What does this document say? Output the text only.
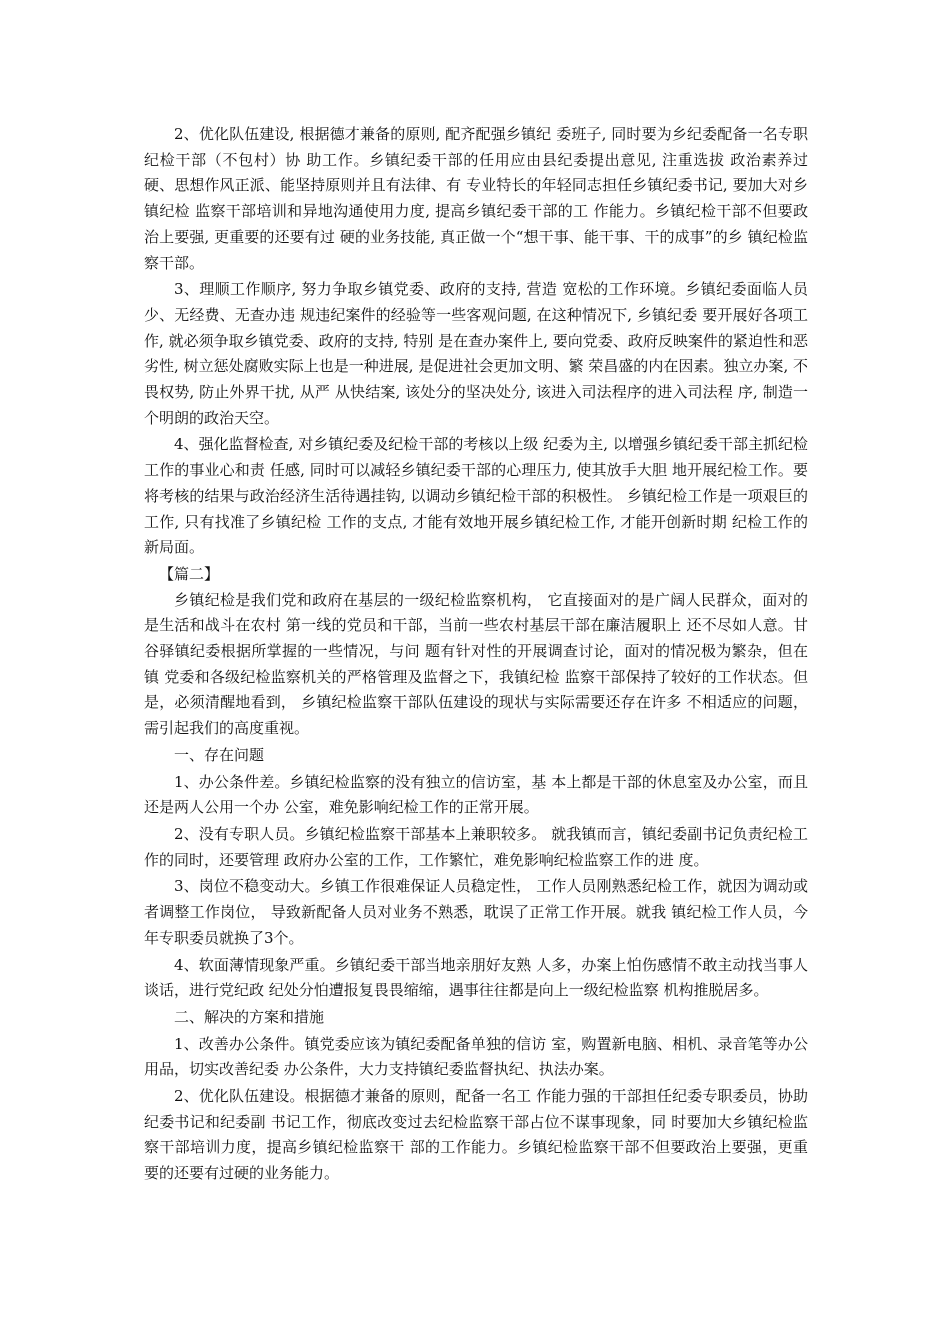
2、优化队伍建设, 根据德才兼备的原则, 配齐配强乡镇纪 委班子, 同时要为乡纪委配备一名专职纪检干部（不包村）协 助工作。乡镇纪委干部的任用应由县纪委提出意见, 注重选拔 政治素养过硬、思想作风正派、能坚持原则并且有法律、有 专业特长的年轻同志担任乡镇纪委书记, 要加大对乡镇纪检 监察干部培训和异地沟通使用力度, 提高乡镇纪委干部的工 作能力。乡镇纪检干部不但要政治上要强, 更重要的还要有过 硬的业务技能, 真正做一个“想干事、能干事、干的成事”的乡 镇纪检监察干部。

3、理顺工作顺序, 努力争取乡镇党委、政府的支持, 营造 宽松的工作环境。乡镇纪委面临人员少、无经费、无查办违 规违纪案件的经验等一些客观问题, 在这种情况下, 乡镇纪委 要开展好各项工作, 就必须争取乡镇党委、政府的支持, 特别 是在查办案件上, 要向党委、政府反映案件的紧迫性和恶劣性, 树立惩处腐败实际上也是一种进展, 是促进社会更加文明、繁 荣昌盛的内在因素。独立办案, 不畏权势, 防止外界干扰, 从严 从快结案, 该处分的坚决处分, 该进入司法程序的进入司法程 序, 制造一个明朗的政治天空。

4、强化监督检查, 对乡镇纪委及纪检干部的考核以上级 纪委为主, 以增强乡镇纪委干部主抓纪检工作的事业心和责 任感, 同时可以减轻乡镇纪委干部的心理压力, 使其放手大胆 地开展纪检工作。要将考核的结果与政治经济生活待遇挂钩, 以调动乡镇纪检干部的积极性。 乡镇纪检工作是一项艰巨的工作, 只有找准了乡镇纪检 工作的支点, 才能有效地开展乡镇纪检工作, 才能开创新时期 纪检工作的新局面。

【篇二】

乡镇纪检是我们党和政府在基层的一级纪检监察机构， 它直接面对的是广阔人民群众，面对的是生活和战斗在农村 第一线的党员和干部，当前一些农村基层干部在廉洁履职上 还不尽如人意。甘谷驿镇纪委根据所掌握的一些情况，与问 题有针对性的开展调查讨论，面对的情况极为繁杂，但在镇 党委和各级纪检监察机关的严格管理及监督之下，我镇纪检 监察干部保持了较好的工作状态。但是，必须清醒地看到， 乡镇纪检监察干部队伍建设的现状与实际需要还存在许多 不相适应的问题，需引起我们的高度重视。

一、存在问题

1、办公条件差。乡镇纪检监察的没有独立的信访室，基 本上都是干部的休息室及办公室，而且还是两人公用一个办 公室，难免影响纪检工作的正常开展。

2、没有专职人员。乡镇纪检监察干部基本上兼职较多。 就我镇而言，镇纪委副书记负责纪检工作的同时，还要管理 政府办公室的工作，工作繁忙，难免影响纪检监察工作的进 度。

3、岗位不稳变动大。乡镇工作很难保证人员稳定性， 工作人员刚熟悉纪检工作，就因为调动或者调整工作岗位， 导致新配备人员对业务不熟悉，耽误了正常工作开展。就我 镇纪检工作人员，今年专职委员就换了3个。

4、软面薄情现象严重。乡镇纪委干部当地亲朋好友熟 人多，办案上怕伤感情不敢主动找当事人谈话，进行党纪政 纪处分怕遭报复畏畏缩缩，遇事往往都是向上一级纪检监察 机构推脱居多。

二、解决的方案和措施

1、改善办公条件。镇党委应该为镇纪委配备单独的信访 室，购置新电脑、相机、录音笔等办公用品，切实改善纪委 办公条件，大力支持镇纪委监督执纪、执法办案。

2、优化队伍建设。根据德才兼备的原则，配备一名工 作能力强的干部担任纪委专职委员，协助纪委书记和纪委副 书记工作，彻底改变过去纪检监察干部占位不谋事现象，同 时要加大乡镇纪检监察干部培训力度，提高乡镇纪检监察干 部的工作能力。乡镇纪检监察干部不但要政治上要强，更重 要的还要有过硬的业务能力。
